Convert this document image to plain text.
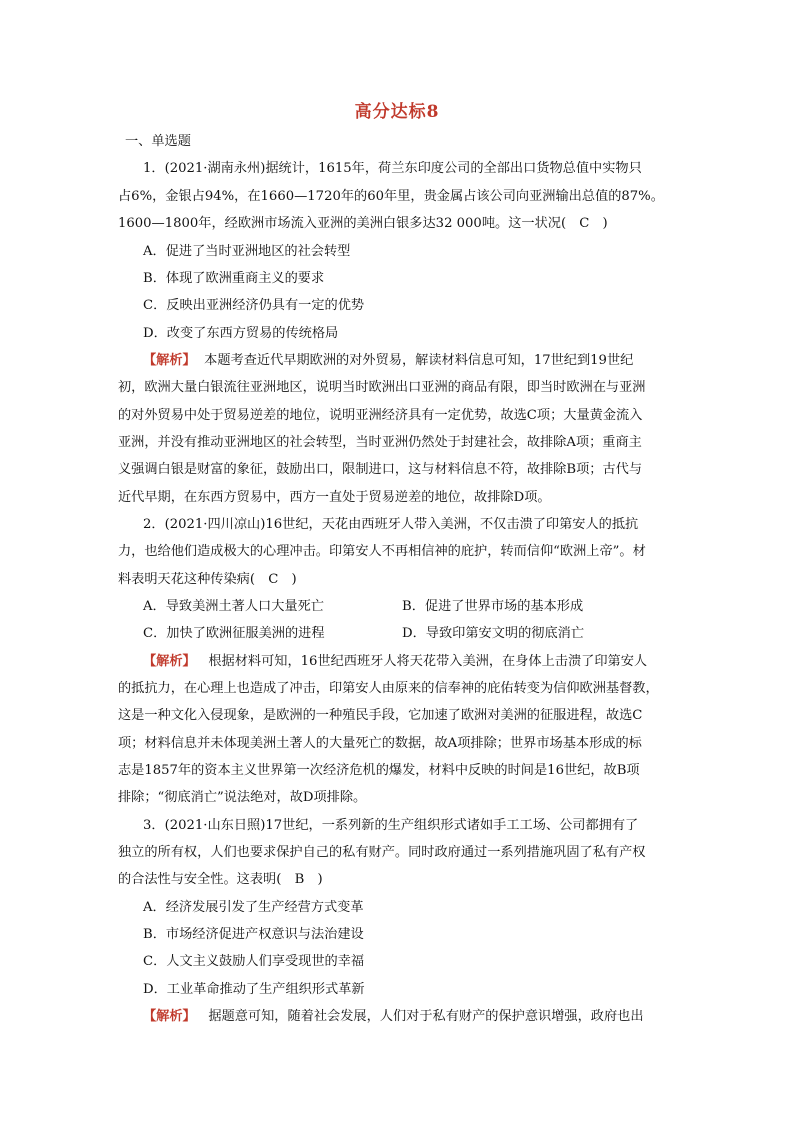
高分达标8
一、单选题
1．(2021·湖南永州)据统计，1615年，荷兰东印度公司的全部出口货物总值中实物只
占6%，金银占94%，在1660—1720年的60年里，贵金属占该公司向亚洲输出总值的87%。
1600—1800年，经欧洲市场流入亚洲的美洲白银多达32 000吨。这一状况(　C　)
A．促进了当时亚洲地区的社会转型
B．体现了欧洲重商主义的要求
C．反映出亚洲经济仍具有一定的优势
D．改变了东西方贸易的传统格局
【解析】 本题考查近代早期欧洲的对外贸易，解读材料信息可知，17世纪到19世纪
初，欧洲大量白银流往亚洲地区，说明当时欧洲出口亚洲的商品有限，即当时欧洲在与亚洲
的对外贸易中处于贸易逆差的地位，说明亚洲经济具有一定优势，故选C项；大量黄金流入
亚洲，并没有推动亚洲地区的社会转型，当时亚洲仍然处于封建社会，故排除A项；重商主
义强调白银是财富的象征，鼓励出口，限制进口，这与材料信息不符，故排除B项；古代与
近代早期，在东西方贸易中，西方一直处于贸易逆差的地位，故排除D项。
2．(2021·四川凉山)16世纪，天花由西班牙人带入美洲，不仅击溃了印第安人的抵抗
力，也给他们造成极大的心理冲击。印第安人不再相信神的庇护，转而信仰“欧洲上帝”。材
料表明天花这种传染病(　C　)
A．导致美洲土著人口大量死亡	B．促进了世界市场的基本形成
C．加快了欧洲征服美洲的进程	D．导致印第安文明的彻底消亡
【解析】 根据材料可知，16世纪西班牙人将天花带入美洲，在身体上击溃了印第安人
的抵抗力，在心理上也造成了冲击，印第安人由原来的信奉神的庇佑转变为信仰欧洲基督教，
这是一种文化入侵现象，是欧洲的一种殖民手段，它加速了欧洲对美洲的征服进程，故选C
项；材料信息并未体现美洲土著人的大量死亡的数据，故A项排除；世界市场基本形成的标
志是1857年的资本主义世界第一次经济危机的爆发，材料中反映的时间是16世纪，故B项
排除；“彻底消亡”说法绝对，故D项排除。
3．(2021·山东日照)17世纪，一系列新的生产组织形式诸如手工工场、公司都拥有了
独立的所有权，人们也要求保护自己的私有财产。同时政府通过一系列措施巩固了私有产权
的合法性与安全性。这表明(　B　)
A．经济发展引发了生产经营方式变革
B．市场经济促进产权意识与法治建设
C．人文主义鼓励人们享受现世的幸福
D．工业革命推动了生产组织形式革新
【解析】 据题意可知，随着社会发展，人们对于私有财产的保护意识增强，政府也出
